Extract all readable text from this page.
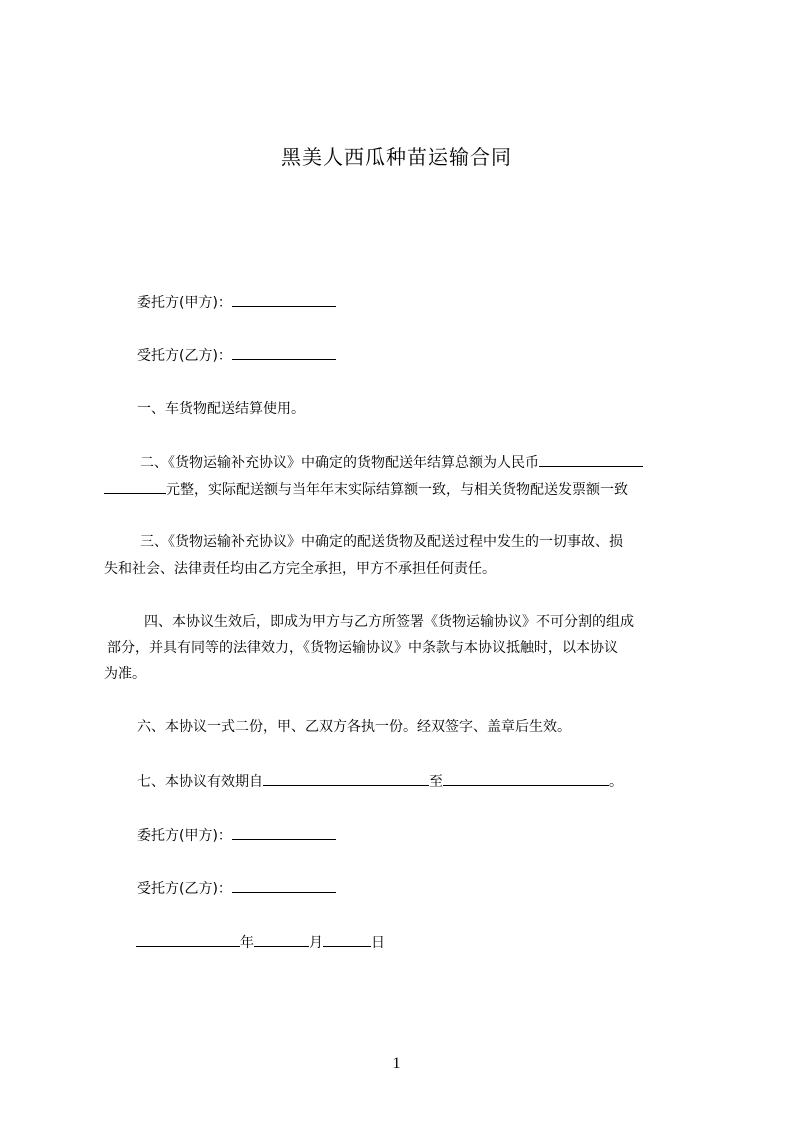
黑美人西瓜种苗运输合同
委托方(甲方)：
受托方(乙方)：
一、车货物配送结算使用。
二、《货物运输补充协议》中确定的货物配送年结算总额为人民币
元整，实际配送额与当年年末实际结算额一致，与相关货物配送发票额一致
三、《货物运输补充协议》中确定的配送货物及配送过程中发生的一切事故、损
失和社会、法律责任均由乙方完全承担，甲方不承担任何责任。
四、本协议生效后，即成为甲方与乙方所签署《货物运输协议》不可分割的组成
部分，并具有同等的法律效力，《货物运输协议》中条款与本协议抵触时，以本协议
为准。
六、本协议一式二份，甲、乙双方各执一份。经双签字、盖章后生效。
七、本协议有效期自	至	。
委托方(甲方)：
受托方(乙方)：
年	月	日
1
